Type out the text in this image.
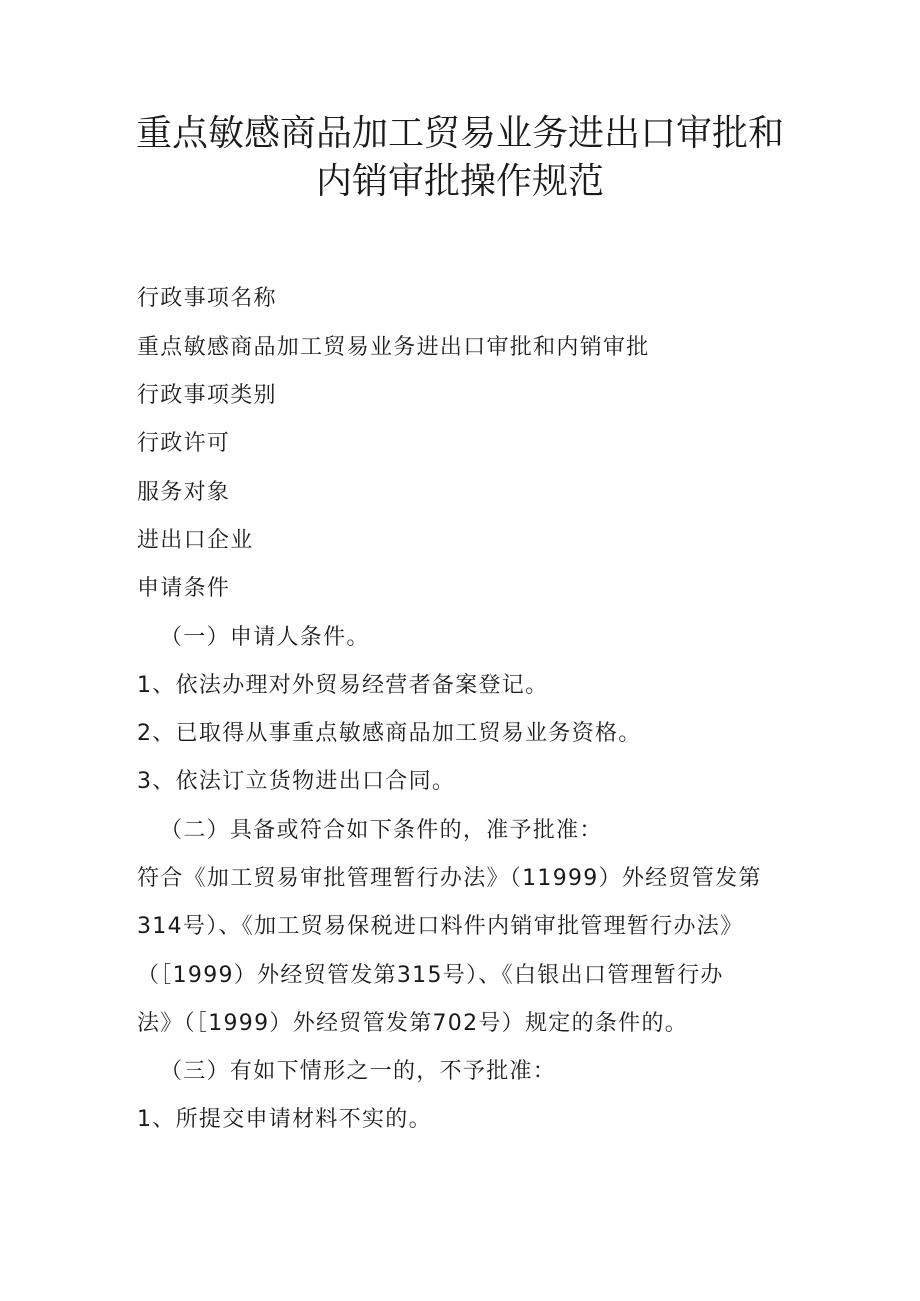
重点敏感商品加工贸易业务进出口审批和
内销审批操作规范
行政事项名称
重点敏感商品加工贸易业务进出口审批和内销审批
行政事项类别
行政许可
服务对象
进出口企业
申请条件
（一）申请人条件。
1、依法办理对外贸易经营者备案登记。
2、已取得从事重点敏感商品加工贸易业务资格。
3、依法订立货物进出口合同。
（二）具备或符合如下条件的，准予批准：
符合《加工贸易审批管理暂行办法》（11999）外经贸管发第
314号）、《加工贸易保税进口料件内销审批管理暂行办法》
（［1999）外经贸管发第315号）、《白银出口管理暂行办
法》（［1999）外经贸管发第702号）规定的条件的。
（三）有如下情形之一的，不予批准：
1、所提交申请材料不实的。
